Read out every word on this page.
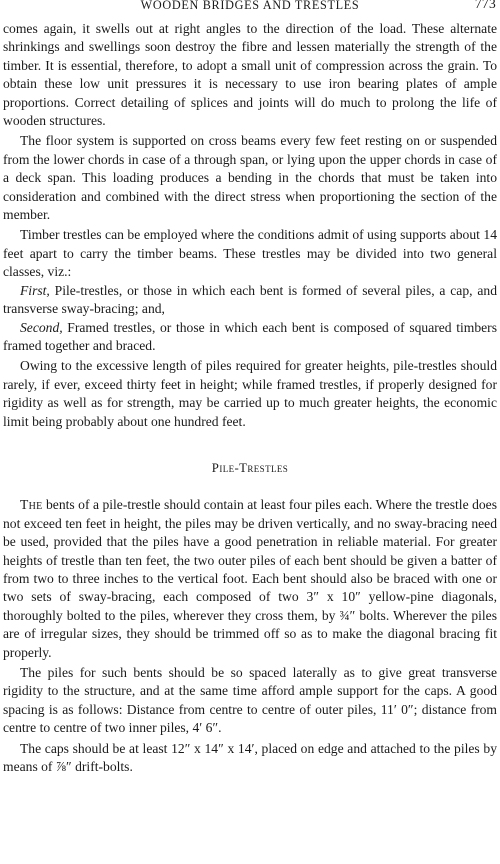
WOODEN BRIDGES AND TRESTLES	773

comes again, it swells out at right angles to the direction of the load. These alternate shrinkings and swellings soon destroy the fibre and lessen materially the strength of the timber. It is essential, therefore, to adopt a small unit of compression across the grain. To obtain these low unit pressures it is necessary to use iron bearing plates of ample proportions. Correct detailing of splices and joints will do much to prolong the life of wooden structures.

The floor system is supported on cross beams every few feet resting on or suspended from the lower chords in case of a through span, or lying upon the upper chords in case of a deck span. This loading produces a bending in the chords that must be taken into consideration and combined with the direct stress when proportioning the section of the member.

Timber trestles can be employed where the conditions admit of using supports about 14 feet apart to carry the timber beams. These trestles may be divided into two general classes, viz.:

First, Pile-trestles, or those in which each bent is formed of several piles, a cap, and transverse sway-bracing; and,

Second, Framed trestles, or those in which each bent is composed of squared timbers framed together and braced.

Owing to the excessive length of piles required for greater heights, pile-trestles should rarely, if ever, exceed thirty feet in height; while framed trestles, if properly designed for rigidity as well as for strength, may be carried up to much greater heights, the economic limit being probably about one hundred feet.

Pile-Trestles

The bents of a pile-trestle should contain at least four piles each. Where the trestle does not exceed ten feet in height, the piles may be driven vertically, and no sway-bracing need be used, provided that the piles have a good penetration in reliable material. For greater heights of trestle than ten feet, the two outer piles of each bent should be given a batter of from two to three inches to the vertical foot. Each bent should also be braced with one or two sets of sway-bracing, each composed of two 3″ x 10″ yellow-pine diagonals, thoroughly bolted to the piles, wherever they cross them, by ¾″ bolts. Wherever the piles are of irregular sizes, they should be trimmed off so as to make the diagonal bracing fit properly.

The piles for such bents should be so spaced laterally as to give great transverse rigidity to the structure, and at the same time afford ample support for the caps. A good spacing is as follows: Distance from centre to centre of outer piles, 11′ 0″; distance from centre to centre of two inner piles, 4′ 6″.

The caps should be at least 12″ x 14″ x 14′, placed on edge and attached to the piles by means of ⅞″ drift-bolts.
